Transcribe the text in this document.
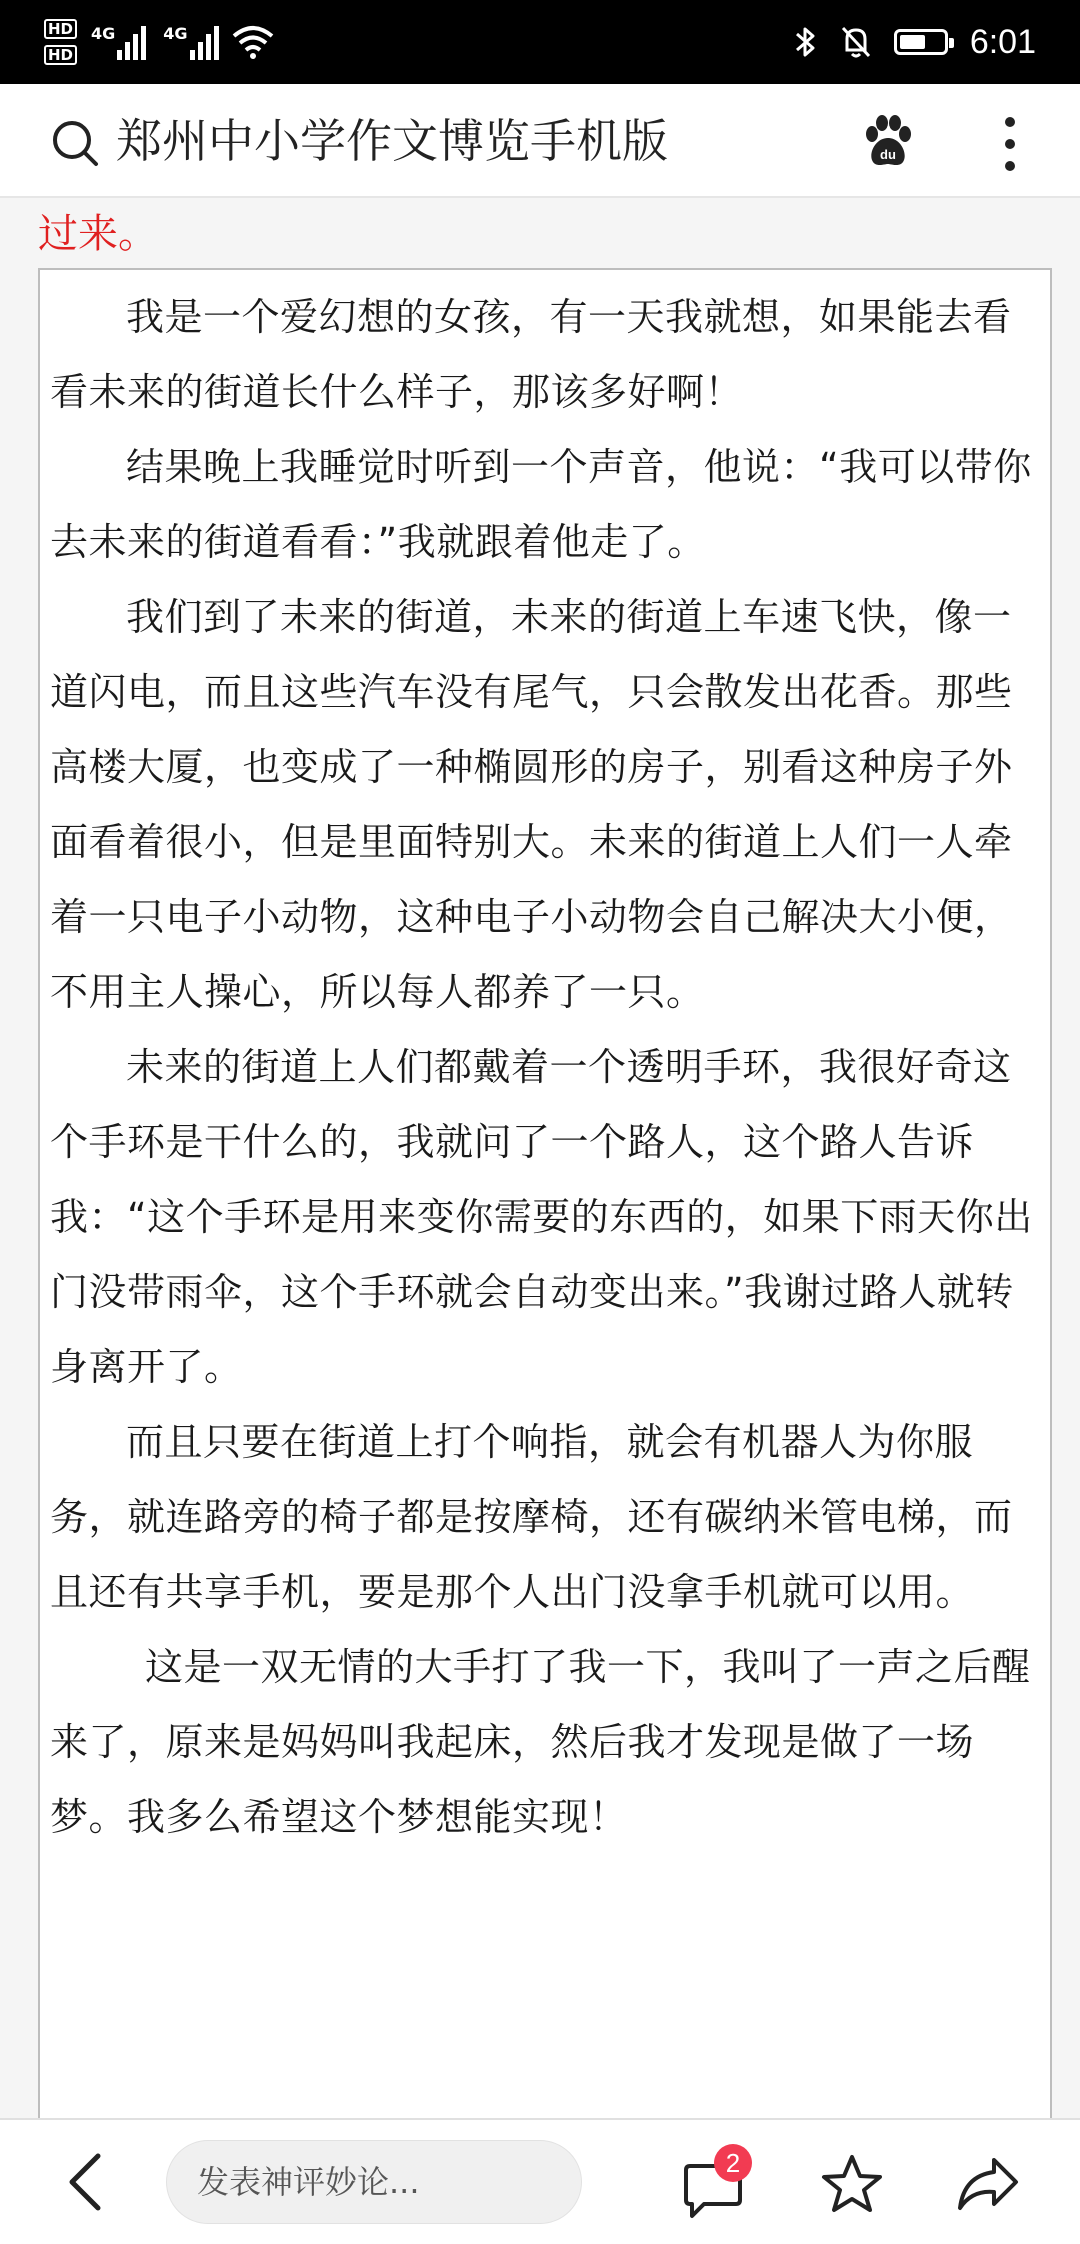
HD
HD
4G	4G	6:01
郑州中小学作文博览手机版	du
过来。

我是一个爱幻想的女孩，有一天我就想，如果能去看看未来的街道长什么样子，那该多好啊！

结果晚上我睡觉时听到一个声音，他说：“我可以带你去未来的街道看看：”我就跟着他走了。

我们到了未来的街道，未来的街道上车速飞快，像一道闪电，而且这些汽车没有尾气，只会散发出花香。那些高楼大厦，也变成了一种椭圆形的房子，别看这种房子外面看着很小，但是里面特别大。未来的街道上人们一人牵着一只电子小动物，这种电子小动物会自己解决大小便，不用主人操心，所以每人都养了一只。

未来的街道上人们都戴着一个透明手环，我很好奇这个手环是干什么的，我就问了一个路人，这个路人告诉我：“这个手环是用来变你需要的东西的，如果下雨天你出门没带雨伞，这个手环就会自动变出来。”我谢过路人就转身离开了。

而且只要在街道上打个响指，就会有机器人为你服务，就连路旁的椅子都是按摩椅，还有碳纳米管电梯，而且还有共享手机，要是那个人出门没拿手机就可以用。

这是一双无情的大手打了我一下，我叫了一声之后醒来了，原来是妈妈叫我起床，然后我才发现是做了一场梦。我多么希望这个梦想能实现！

发表神评妙论...	2
